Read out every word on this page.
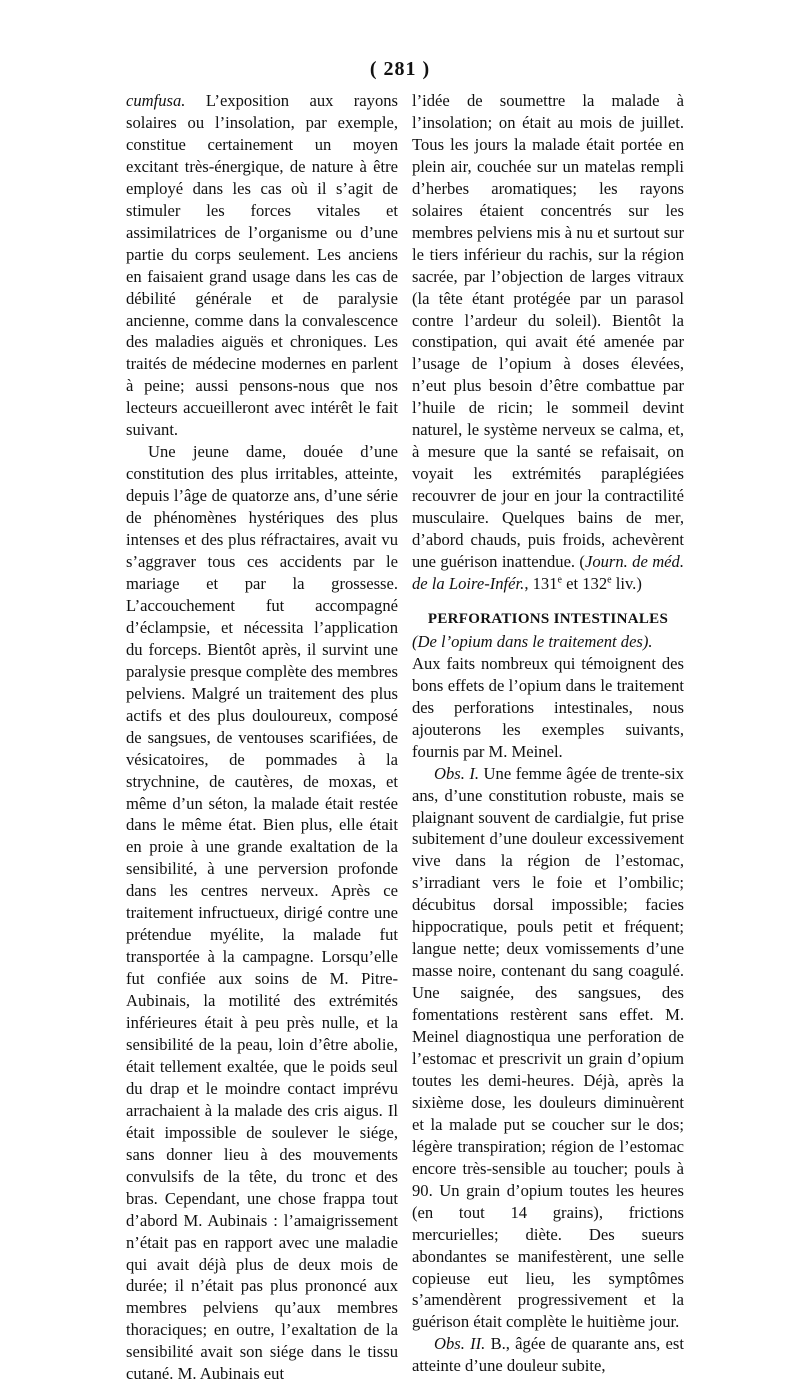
( 281 )

cumfusa. L’exposition aux rayons solaires ou l’insolation, par exemple, constitue certainement un moyen excitant très-énergique, de nature à être employé dans les cas où il s’agit de stimuler les forces vitales et assimilatrices de l’organisme ou d’une partie du corps seulement. Les anciens en faisaient grand usage dans les cas de débilité générale et de paralysie ancienne, comme dans la convalescence des maladies aiguës et chroniques. Les traités de médecine modernes en parlent à peine; aussi pensons-nous que nos lecteurs accueilleront avec intérêt le fait suivant.

Une jeune dame, douée d’une constitution des plus irritables, atteinte, depuis l’âge de quatorze ans, d’une série de phénomènes hystériques des plus intenses et des plus réfractaires, avait vu s’aggraver tous ces accidents par le mariage et par la grossesse. L’accouchement fut accompagné d’éclampsie, et nécessita l’application du forceps. Bientôt après, il survint une paralysie presque complète des membres pelviens. Malgré un traitement des plus actifs et des plus douloureux, composé de sangsues, de ventouses scarifiées, de vésicatoires, de pommades à la strychnine, de cautères, de moxas, et même d’un séton, la malade était restée dans le même état. Bien plus, elle était en proie à une grande exaltation de la sensibilité, à une perversion profonde dans les centres nerveux. Après ce traitement infructueux, dirigé contre une prétendue myélite, la malade fut transportée à la campagne. Lorsqu’elle fut confiée aux soins de M. Pitre-Aubinais, la motilité des extrémités inférieures était à peu près nulle, et la sensibilité de la peau, loin d’être abolie, était tellement exaltée, que le poids seul du drap et le moindre contact imprévu arrachaient à la malade des cris aigus. Il était impossible de soulever le siége, sans donner lieu à des mouvements convulsifs de la tête, du tronc et des bras. Cependant, une chose frappa tout d’abord M. Aubinais : l’amaigrissement n’était pas en rapport avec une maladie qui avait déjà plus de deux mois de durée; il n’était pas plus prononcé aux membres pelviens qu’aux membres thoraciques; en outre, l’exaltation de la sensibilité avait son siége dans le tissu cutané. M. Aubinais eut

l’idée de soumettre la malade à l’insolation; on était au mois de juillet. Tous les jours la malade était portée en plein air, couchée sur un matelas rempli d’herbes aromatiques; les rayons solaires étaient concentrés sur les membres pelviens mis à nu et surtout sur le tiers inférieur du rachis, sur la région sacrée, par l’objection de larges vitraux (la tête étant protégée par un parasol contre l’ardeur du soleil). Bientôt la constipation, qui avait été amenée par l’usage de l’opium à doses élevées, n’eut plus besoin d’être combattue par l’huile de ricin; le sommeil devint naturel, le système nerveux se calma, et, à mesure que la santé se refaisait, on voyait les extrémités paraplégiées recouvrer de jour en jour la contractilité musculaire. Quelques bains de mer, d’abord chauds, puis froids, achevèrent une guérison inattendue. (Journ. de méd. de la Loire-Infér., 131e et 132e liv.)

PERFORATIONS INTESTINALES

(De l’opium dans le traitement des).

Aux faits nombreux qui témoignent des bons effets de l’opium dans le traitement des perforations intestinales, nous ajouterons les exemples suivants, fournis par M. Meinel.

Obs. I. Une femme âgée de trente-six ans, d’une constitution robuste, mais se plaignant souvent de cardialgie, fut prise subitement d’une douleur excessivement vive dans la région de l’estomac, s’irradiant vers le foie et l’ombilic; décubitus dorsal impossible; facies hippocratique, pouls petit et fréquent; langue nette; deux vomissements d’une masse noire, contenant du sang coagulé. Une saignée, des sangsues, des fomentations restèrent sans effet. M. Meinel diagnostiqua une perforation de l’estomac et prescrivit un grain d’opium toutes les demi-heures. Déjà, après la sixième dose, les douleurs diminuèrent et la malade put se coucher sur le dos; légère transpiration; région de l’estomac encore très-sensible au toucher; pouls à 90. Un grain d’opium toutes les heures (en tout 14 grains), frictions mercurielles; diète. Des sueurs abondantes se manifestèrent, une selle copieuse eut lieu, les symptômes s’amendèrent progressivement et la guérison était complète le huitième jour.

Obs. II. B., âgée de quarante ans, est atteinte d’une douleur subite,
